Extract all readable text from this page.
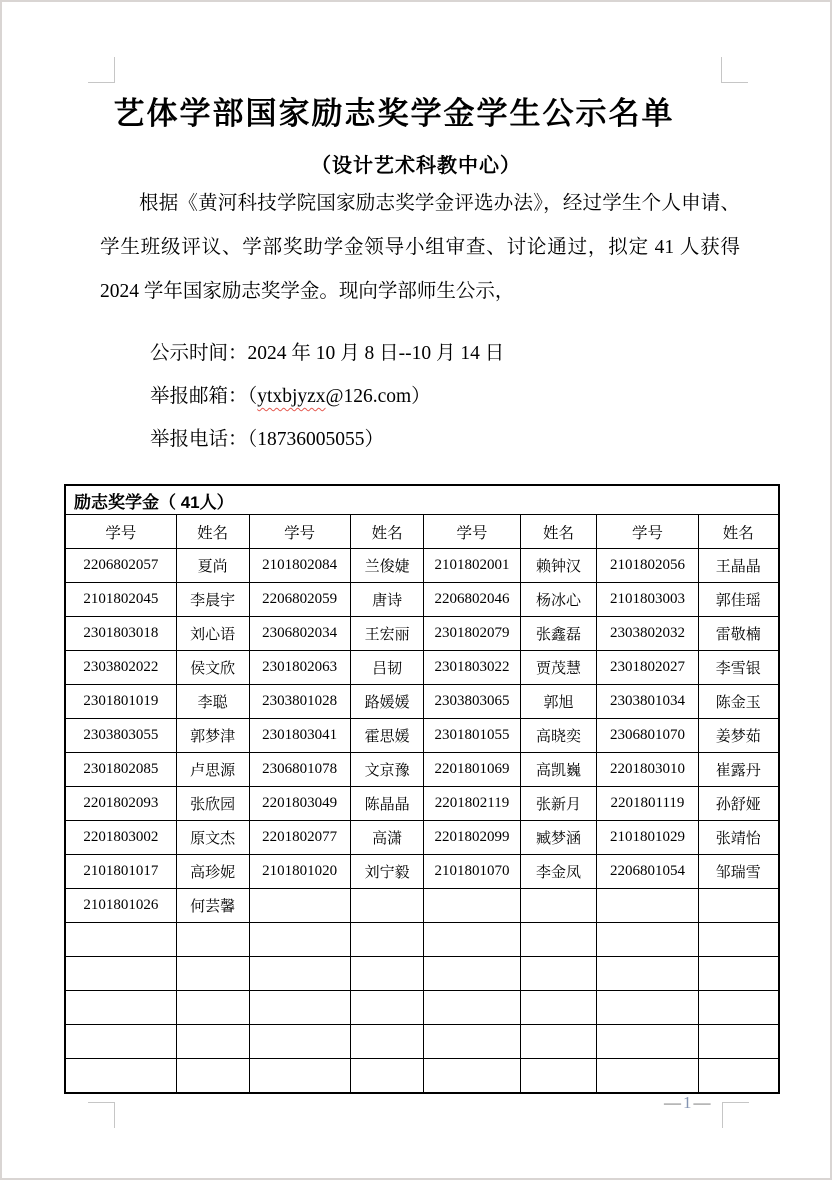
艺体学部国家励志奖学金学生公示名单
（设计艺术科教中心）
根据《黄河科技学院国家励志奖学金评选办法》，经过学生个人申请、学生班级评议、学部奖助学金领导小组审查、讨论通过，拟定 41 人获得 2024 学年国家励志奖学金。现向学部师生公示，
公示时间：2024 年 10 月 8 日--10 月 14 日
举报邮箱：（ytxbjyzx@126.com）
举报电话：（18736005055）
励志奖学金（ 41人）							
学号	姓名	学号	姓名	学号	姓名	学号	姓名
2206802057	夏尚	2101802084	兰俊婕	2101802001	赖钟汉	2101802056	王晶晶
2101802045	李晨宇	2206802059	唐诗	2206802046	杨冰心	2101803003	郭佳瑶
2301803018	刘心语	2306802034	王宏丽	2301802079	张鑫磊	2303802032	雷敬楠
2303802022	侯文欣	2301802063	吕韧	2301803022	贾茂慧	2301802027	李雪银
2301801019	李聪	2303801028	路媛媛	2303803065	郭旭	2303801034	陈金玉
2303803055	郭梦津	2301803041	霍思媛	2301801055	高晓奕	2306801070	姜梦茹
2301802085	卢思源	2306801078	文京豫	2201801069	高凯巍	2201803010	崔露丹
2201802093	张欣园	2201803049	陈晶晶	2201802119	张新月	2201801119	孙舒娅
2201803002	原文杰	2201802077	高潇	2201802099	臧梦涵	2101801029	张靖怡
2101801017	高珍妮	2101801020	刘宁毅	2101801070	李金凤	2206801054	邹瑞雪
2101801026	何芸馨						

— 1 —
